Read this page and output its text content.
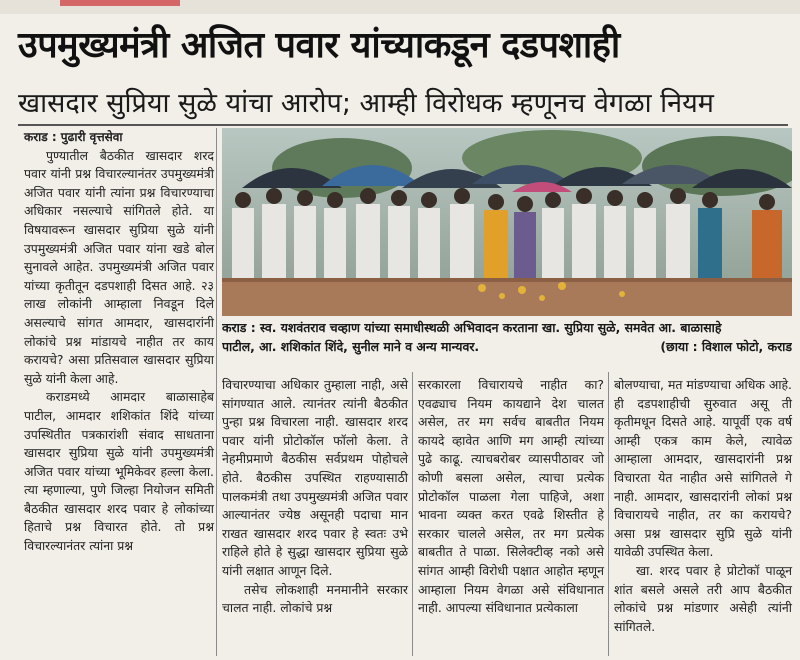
उपमुख्यमंत्री अजित पवार यांच्याकडून दडपशाही
खासदार सुप्रिया सुळे यांचा आरोप; आम्ही विरोधक म्हणूनच वेगळा नियम

कराड : पुढारी वृत्तसेवा

पुण्यातील बैठकीत खासदार शरद पवार यांनी प्रश्न विचारल्यानंतर उपमुख्यमंत्री अजित पवार यांनी त्यांना प्रश्न विचारण्याचा अधिकार नसल्याचे सांगितले होते. या विषयावरून खासदार सुप्रिया सुळे यांनी उपमुख्यमंत्री अजित पवार यांना खडे बोल सुनावले आहेत. उपमुख्यमंत्री अजित पवार यांच्या कृतीतून दडपशाही दिसत आहे. २३ लाख लोकांनी आम्हाला निवडून दिले असल्याचे सांगत आमदार, खासदारांनी लोकांचे प्रश्न मांडायचे नाहीत तर काय करायचे? असा प्रतिसवाल खासदार सुप्रिया सुळे यांनी केला आहे.

कराडमध्ये आमदार बाळासाहेब पाटील, आमदार शशिकांत शिंदे यांच्या उपस्थितीत पत्रकारांशी संवाद साधताना खासदार सुप्रिया सुळे यांनी उपमुख्यमंत्री अजित पवार यांच्या भूमिकेवर हल्ला केला. त्या म्हणाल्या, पुणे जिल्हा नियोजन समिती बैठकीत खासदार शरद पवार हे लोकांच्या हिताचे प्रश्न विचारत होते. तो प्रश्न विचारल्यानंतर त्यांना प्रश्न

कराड : स्व. यशवंतराव चव्हाण यांच्या समाधीस्थळी अभिवादन करताना खा. सुप्रिया सुळे, समवेत आ. बाळासाहे
पाटील, आ. शशिकांत शिंदे, सुनील माने व अन्य मान्यवर.	(छाया : विशाल फोटो, कराड

विचारण्याचा अधिकार तुम्हाला नाही, असे सांगण्यात आले. त्यानंतर त्यांनी बैठकीत पुन्हा प्रश्न विचारला नाही. खासदार शरद पवार यांनी प्रोटोकॉल फॉलो केला. ते नेहमीप्रमाणे बैठकीस सर्वप्रथम पोहोचले होते. बैठकीस उपस्थित राहण्यासाठी पालकमंत्री तथा उपमुख्यमंत्री अजित पवार आल्यानंतर ज्येष्ठ असूनही पदाचा मान राखत खासदार शरद पवार हे स्वतः उभे राहिले होते हे सुद्धा खासदार सुप्रिया सुळे यांनी लक्षात आणून दिले.

तसेच लोकशाही मनमानीने सरकार चालत नाही. लोकांचे प्रश्न

सरकारला विचारायचे नाहीत का? एवढ्याच नियम कायद्याने देश चालत असेल, तर मग सर्वच बाबतीत नियम कायदे व्हावेत आणि मग आम्ही त्यांच्या पुढे काढू. त्याचबरोबर व्यासपीठावर जो कोणी बसला असेल, त्याचा प्रत्येक प्रोटोकॉल पाळला गेला पाहिजे, अशा भावना व्यक्त करत एवढे शिस्तीत हे सरकार चालले असेल, तर मग प्रत्येक बाबतीत ते पाळा. सिलेक्टीव्ह नको असे सांगत आम्ही विरोधी पक्षात आहोत म्हणून आम्हाला नियम वेगळा असे संविधानात नाही. आपल्या संविधानात प्रत्येकाला

बोलण्याचा, मत मांडण्याचा अधिक आहे. ही दडपशाहीची सुरुवात असू ती कृतीमधून दिसते आहे. यापूर्वी एक वर्ष आम्ही एकत्र काम केले, त्यावेळ आम्हाला आमदार, खासदारांनी प्रश्न विचारता येत नाहीत असे सांगितले गे नाही. आमदार, खासदारांनी लोकां प्रश्न विचारायचे नाहीत, तर का करायचे? असा प्रश्न खासदार सुप्रि सुळे यांनी यावेळी उपस्थित केला.

खा. शरद पवार हे प्रोटोकॉ पाळून शांत बसले असले तरी आप बैठकीत लोकांचे प्रश्न मांडणार असेही त्यांनी सांगितले.
